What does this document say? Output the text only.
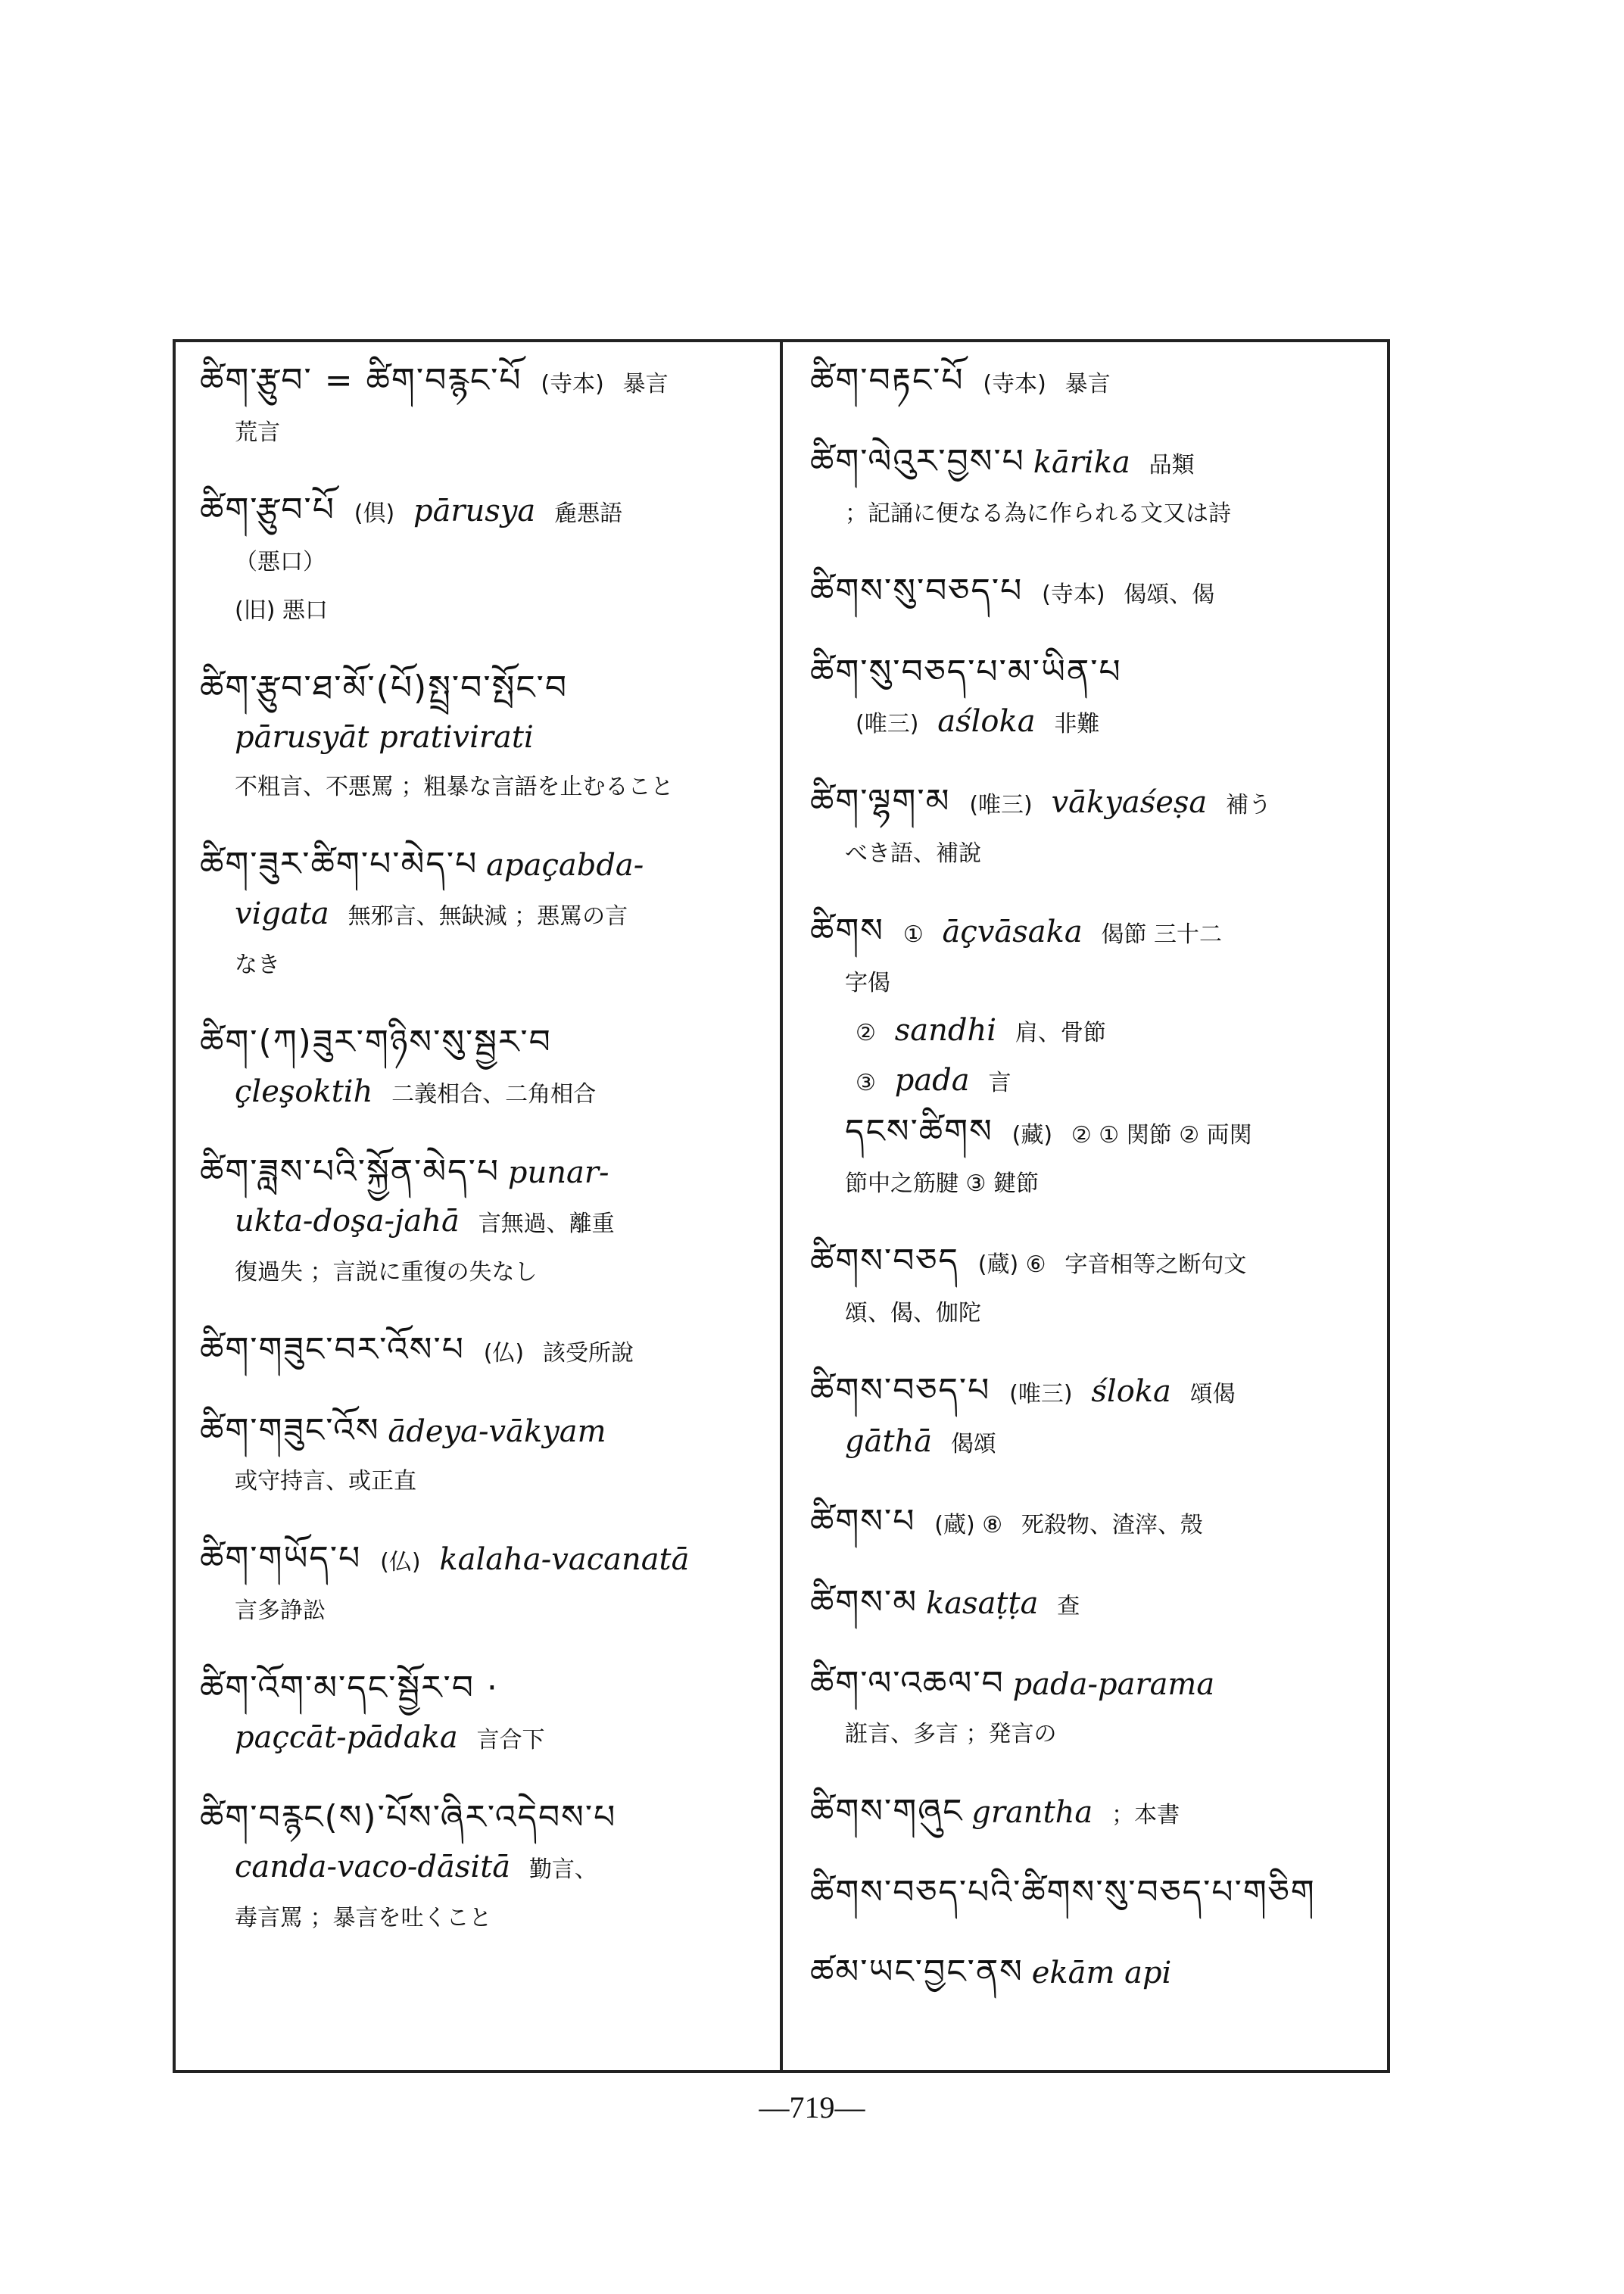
ཚིག་རྩུབ་ = ཚིག་བརྙང་པོ (寺本) 暴言
荒言
ཚིག་རྩུབ་པོ (倶) pārusya 麁悪語
（悪口）
(旧) 悪口
ཚིག་རྩུབ་ཐ་མོ་(པོ)སྤྲ་བ་སྤོང་བ
pārusyāt prativirati
不粗言、不悪罵 ；粗暴な言語を止むること
ཚིག་ཟུར་ཚིག་པ་མེད་པ apaçabda-
vigata 無邪言、無缺減 ；悪罵の言
なき
ཚིག་(ཀ)ཟུར་གཉིས་སུ་སྦྱར་བ
çleşoktih 二義相合、二角相合
ཚིག་ཟླས་པའི་སྐྱོན་མེད་པ punar-
ukta-doşa-jahā 言無過、離重
復過失 ；言説に重復の失なし
ཚིག་གཟུང་བར་འོས་པ (仏) 該受所說
ཚིག་གཟུང་འོས ādeya-vākyam
或守持言、或正直
ཚིག་གཡོད་པ (仏) kalaha-vacanatā
言多諍訟
ཚིག་འོག་མ་དང་སྦྱོར་བ ·
paçcāt-pādaka 言合下
ཚིག་བརྙང(ས)་པོས་ཞིར་འདེབས་པ
canda-vaco-dāsitā 勤言、
毒言罵 ；暴言を吐くこと
ཚིག་བརྟང་པོ (寺本) 暴言
ཚིག་ལེའུར་བྱས་པ kārika 品類
；記誦に便なる為に作られる文又は詩
ཚིགས་སུ་བཅད་པ (寺本) 偈頌、偈
ཚིག་སུ་བཅད་པ་མ་ཡིན་པ
(唯三) aśloka 非難
ཚིག་ལྷག་མ (唯三) vākyaśeṣa 補う
べき語、補說
ཚིགས ① āçvāsaka 偈節 三十二
字偈
② sandhi 肩、骨節
③ pada 言
དངས་ཚིགས (藏) ② ① 関節 ② 両関
節中之筋腱 ③ 鍵節
ཚིགས་བཅད (蔵) ⑥ 字音相等之断句文
頌、偈、伽陀
ཚིགས་བཅད་པ (唯三) śloka 頌偈
gāthā 偈頌
ཚིགས་པ (蔵) ⑧ 死殺物、渣滓、殼
ཚིགས་མ kasaṭṭa 查
ཚིག་ལ་འཆལ་བ pada-parama
誑言、多言 ；発言の
ཚིགས་གཞུང grantha ；本書
ཚིགས་བཅད་པའི་ཚིགས་སུ་བཅད་པ་གཅིག
ཚམ་ཡང་བྱང་ནས ekām api
—719—
